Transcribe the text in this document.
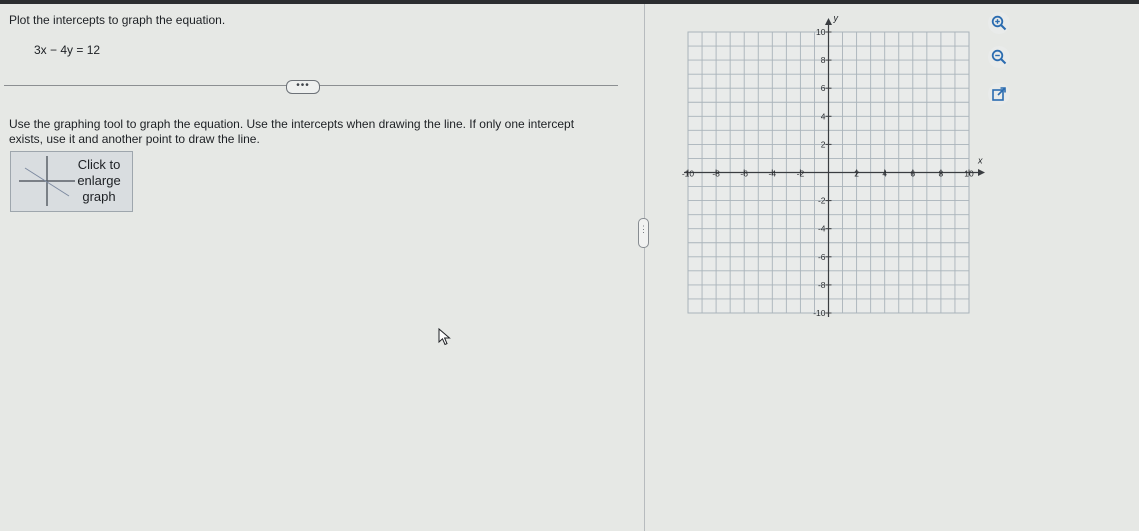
Plot the intercepts to graph the equation.
3x − 4y = 12
•••
Use the graphing tool to graph the equation. Use the intercepts when drawing the line. If only one intercept exists, use it and another point to draw the line.
Click to
enlarge
graph
⋮
x
y
-10 -8 -6 -4 -2	2	4	6	8 10
10
8
6
4
2
-2
-4
-6
-8
-10
